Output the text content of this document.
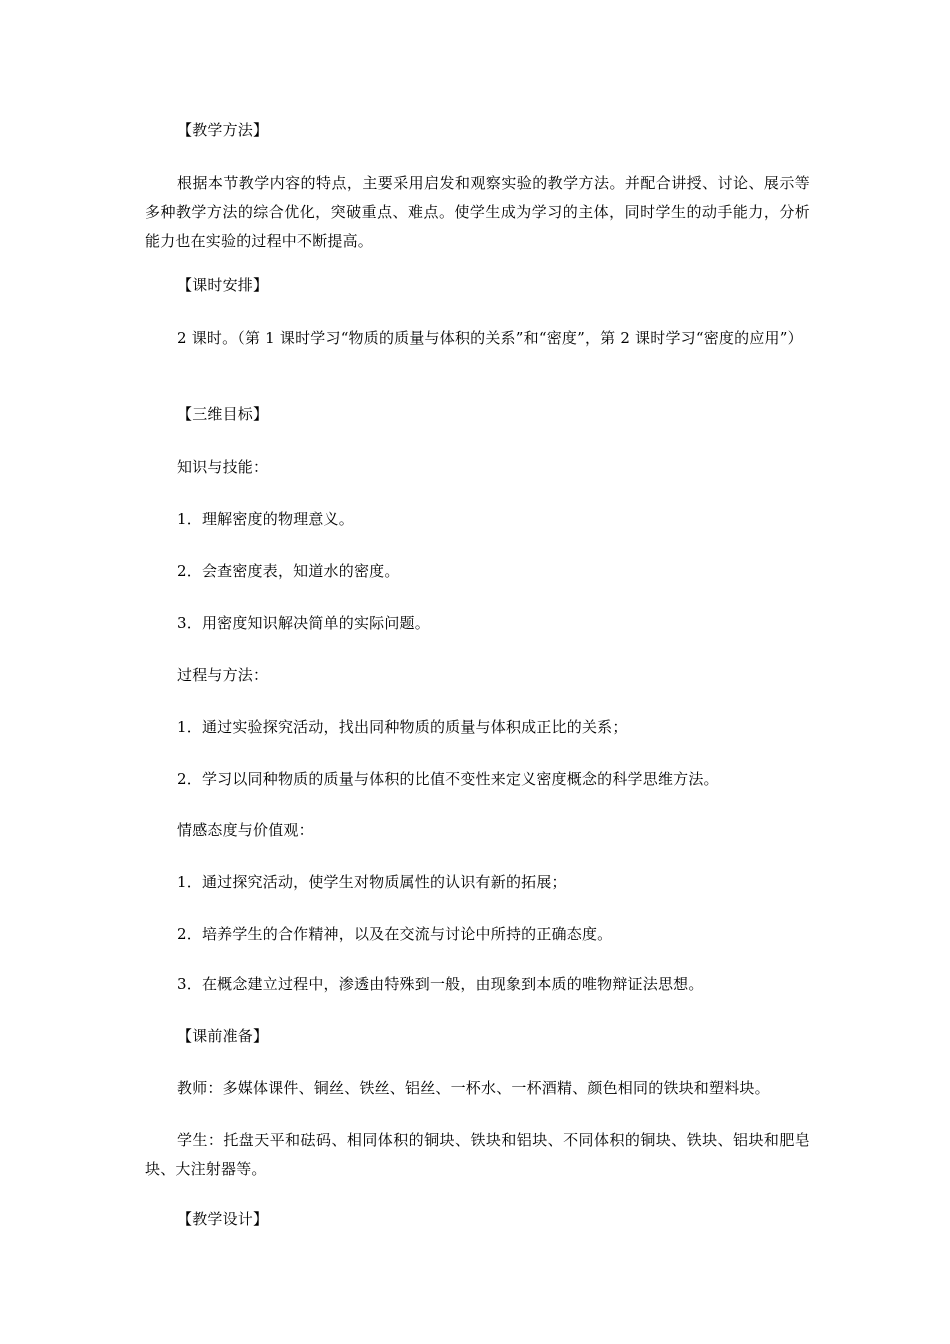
【教学方法】
根据本节教学内容的特点，主要采用启发和观察实验的教学方法。并配合讲授、讨论、展示等多种教学方法的综合优化，突破重点、难点。使学生成为学习的主体，同时学生的动手能力，分析能力也在实验的过程中不断提高。
【课时安排】
2 课时。（第 1 课时学习“物质的质量与体积的关系”和“密度”，第 2 课时学习“密度的应用”）
【三维目标】
知识与技能：
1．理解密度的物理意义。
2．会查密度表，知道水的密度。
3．用密度知识解决简单的实际问题。
过程与方法：
1．通过实验探究活动，找出同种物质的质量与体积成正比的关系；
2．学习以同种物质的质量与体积的比值不变性来定义密度概念的科学思维方法。
情感态度与价值观：
1．通过探究活动，使学生对物质属性的认识有新的拓展；
2．培养学生的合作精神，以及在交流与讨论中所持的正确态度。
3．在概念建立过程中，渗透由特殊到一般，由现象到本质的唯物辩证法思想。
【课前准备】
教师：多媒体课件、铜丝、铁丝、铝丝、一杯水、一杯酒精、颜色相同的铁块和塑料块。
学生：托盘天平和砝码、相同体积的铜块、铁块和铝块、不同体积的铜块、铁块、铝块和肥皂块、大注射器等。
【教学设计】
